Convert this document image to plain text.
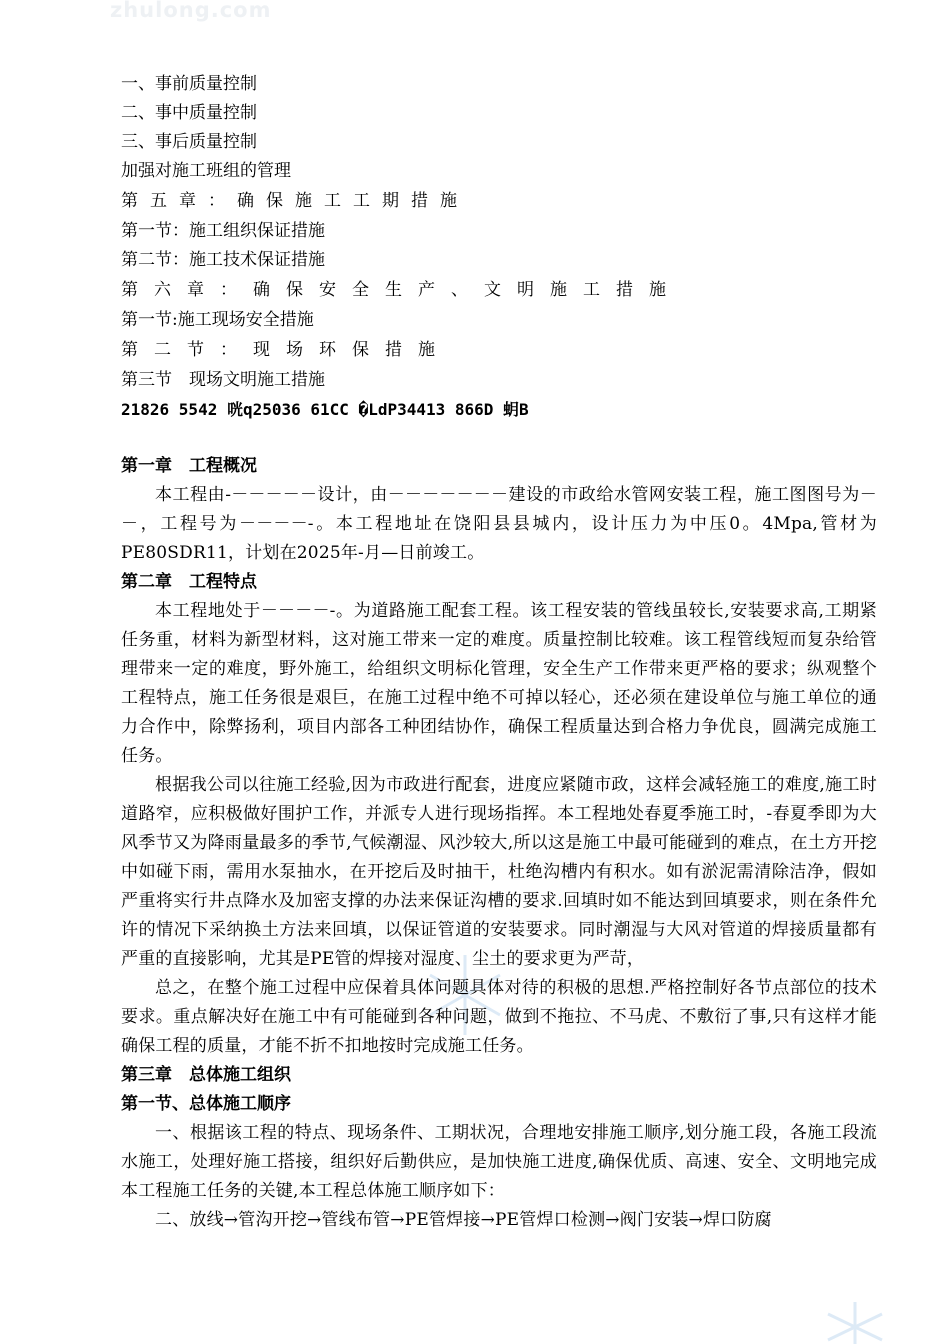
zhulong.com
一、事前质量控制
二、事中质量控制
三、事后质量控制
加强对施工班组的管理
第五章：确保施工工期措施
第一节：施工组织保证措施
第二节：施工技术保证措施
第六章：确保安全生产、文明施工措施
第一节:施工现场安全措施
第二节：现场环保措施
第三节　现场文明施工措施
21826 5542 咣q25036 61CC �LdP34413 866D 蚏B
第一章　工程概况

本工程由-－－－－－设计，由－－－－－－－建设的市政给水管网安装工程，施工图图号为－－，工程号为－－－－-。本工程地址在饶阳县县城内，设计压力为中压0。4Mpa,管材为PE80SDR11，计划在2025年-月—日前竣工。

第二章　工程特点

本工程地处于－－－－-。为道路施工配套工程。该工程安装的管线虽较长,安装要求高,工期紧任务重，材料为新型材料，这对施工带来一定的难度。质量控制比较难。该工程管线短而复杂给管理带来一定的难度，野外施工，给组织文明标化管理，安全生产工作带来更严格的要求；纵观整个工程特点，施工任务很是艰巨，在施工过程中绝不可掉以轻心，还必须在建设单位与施工单位的通力合作中，除弊扬利，项目内部各工种团结协作，确保工程质量达到合格力争优良，圆满完成施工任务。

根据我公司以往施工经验,因为市政进行配套，进度应紧随市政，这样会减轻施工的难度,施工时道路窄，应积极做好围护工作，并派专人进行现场指挥。本工程地处春夏季施工时，-春夏季即为大风季节又为降雨量最多的季节,气候潮湿、风沙较大,所以这是施工中最可能碰到的难点，在土方开挖中如碰下雨，需用水泵抽水，在开挖后及时抽干，杜绝沟槽内有积水。如有淤泥需清除洁净，假如严重将实行井点降水及加密支撑的办法来保证沟槽的要求.回填时如不能达到回填要求，则在条件允许的情况下采纳换土方法来回填，以保证管道的安装要求。同时潮湿与大风对管道的焊接质量都有严重的直接影响，尤其是PE管的焊接对湿度、尘土的要求更为严苛，

总之，在整个施工过程中应保着具体问题具体对待的积极的思想.严格控制好各节点部位的技术要求。重点解决好在施工中有可能碰到各种问题，做到不拖拉、不马虎、不敷衍了事,只有这样才能确保工程的质量，才能不折不扣地按时完成施工任务。

第三章　总体施工组织
第一节、总体施工顺序

一、根据该工程的特点、现场条件、工期状况，合理地安排施工顺序,划分施工段，各施工段流水施工，处理好施工搭接，组织好后勤供应，是加快施工进度,确保优质、高速、安全、文明地完成本工程施工任务的关键,本工程总体施工顺序如下：

二、放线→管沟开挖→管线布管→PE管焊接→PE管焊口检测→阀门安装→焊口防腐
